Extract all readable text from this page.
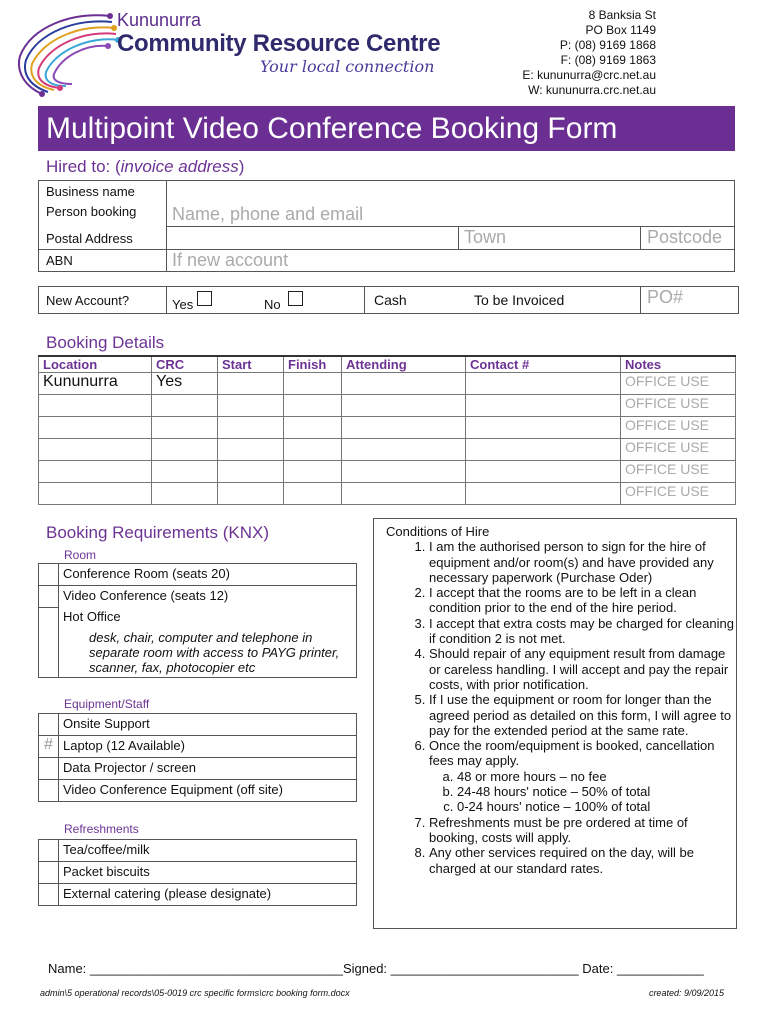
Kununurra
Community Resource Centre
Your local connection
8 Banksia St
PO Box 1149
P: (08) 9169 1868
F: (08) 9169 1863
E: kununurra@crc.net.au
W: kununurra.crc.net.au
Multipoint Video Conference Booking Form
Hired to: (invoice address)
Business name
Person booking Name, phone and email
Postal Address	Town	Postcode
ABN	If new account
New Account?	Yes	No	Cash	To be Invoiced	PO#
Booking Details
Location	CRC	Start	Finish	Attending	Contact #	Notes
Kununurra	Yes					OFFICE USE
						OFFICE USE
						OFFICE USE
						OFFICE USE
						OFFICE USE
						OFFICE USE
Booking Requirements (KNX)
Room
	Conference Room (seats 20)
	Video Conference (seats 12)
	Hot Office
	desk, chair, computer and telephone in separate room with access to PAYG printer, scanner, fax, photocopier etc
Equipment/Staff
	Onsite Support
#	Laptop (12 Available)
	Data Projector / screen
	Video Conference Equipment (off site)
Refreshments
	Tea/coffee/milk
	Packet biscuits
	External catering (please designate)
Conditions of Hire
1. I am the authorised person to sign for the hire of equipment and/or room(s) and have provided any necessary paperwork (Purchase Oder)
2. I accept that the rooms are to be left in a clean condition prior to the end of the hire period.
3. I accept that extra costs may be charged for cleaning if condition 2 is not met.
4. Should repair of any equipment result from damage or careless handling. I will accept and pay the repair costs, with prior notification.
5. If I use the equipment or room for longer than the agreed period as detailed on this form, I will agree to pay for the extended period at the same rate.
6. Once the room/equipment is booked, cancellation fees may apply.
a. 48 or more hours – no fee
b. 24-48 hours' notice – 50% of total
c. 0-24 hours' notice – 100% of total
7. Refreshments must be pre ordered at time of booking, costs will apply.
8. Any other services required on the day, will be charged at our standard rates.
Name: ___________________________________Signed: __________________________ Date: ____________
admin\5 operational records\05-0019 crc specific forms\crc booking form.docx	created: 9/09/2015
